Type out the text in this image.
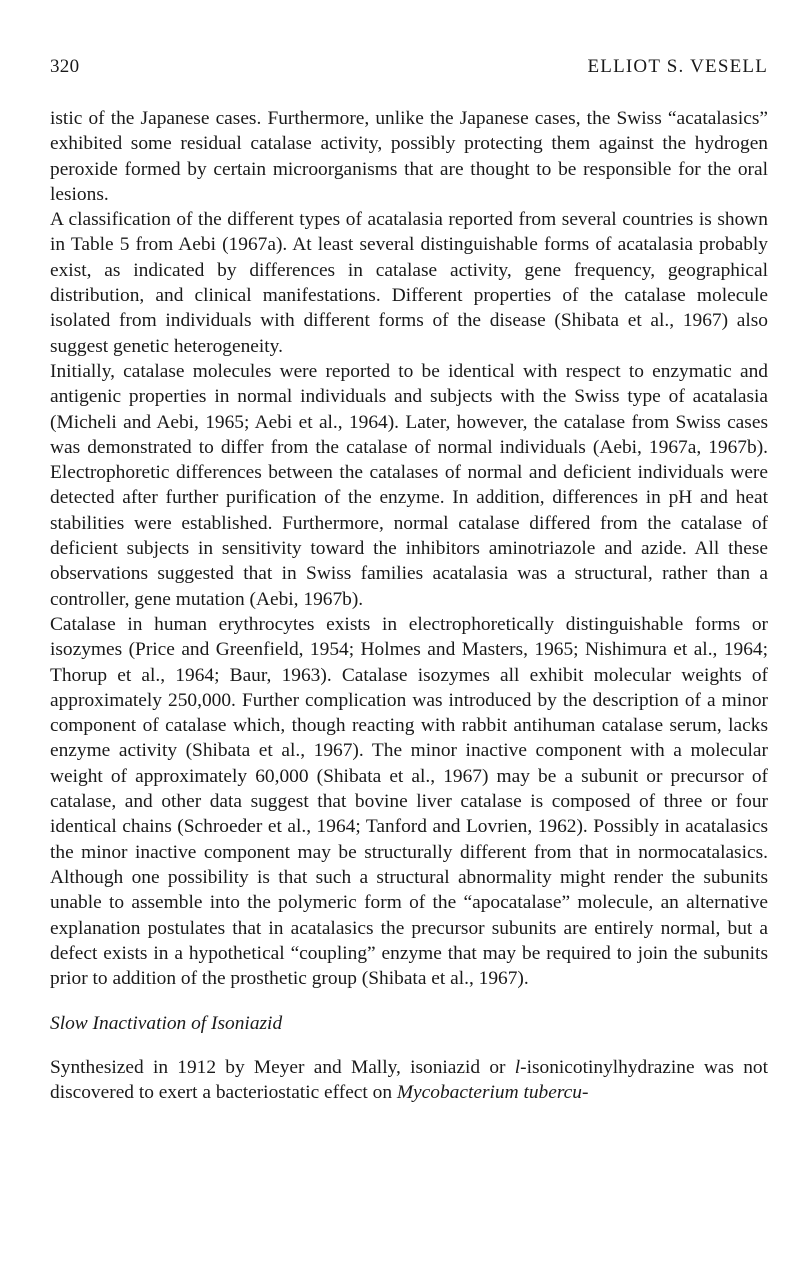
320	ELLIOT S. VESELL

istic of the Japanese cases. Furthermore, unlike the Japanese cases, the Swiss “acatalasics” exhibited some residual catalase activity, possibly protecting them against the hydrogen peroxide formed by certain microorganisms that are thought to be responsible for the oral lesions.

A classification of the different types of acatalasia reported from several countries is shown in Table 5 from Aebi (1967a). At least several distinguishable forms of acatalasia probably exist, as indicated by differences in catalase activity, gene frequency, geographical distribution, and clinical manifestations. Different properties of the catalase molecule isolated from individuals with different forms of the disease (Shibata et al., 1967) also suggest genetic heterogeneity.

Initially, catalase molecules were reported to be identical with respect to enzymatic and antigenic properties in normal individuals and subjects with the Swiss type of acatalasia (Micheli and Aebi, 1965; Aebi et al., 1964). Later, however, the catalase from Swiss cases was demonstrated to differ from the catalase of normal individuals (Aebi, 1967a, 1967b). Electrophoretic differences between the catalases of normal and deficient individuals were detected after further purification of the enzyme. In addition, differences in pH and heat stabilities were established. Furthermore, normal catalase differed from the catalase of deficient subjects in sensitivity toward the inhibitors aminotriazole and azide. All these observations suggested that in Swiss families acatalasia was a structural, rather than a controller, gene mutation (Aebi, 1967b).

Catalase in human erythrocytes exists in electrophoretically distinguishable forms or isozymes (Price and Greenfield, 1954; Holmes and Masters, 1965; Nishimura et al., 1964; Thorup et al., 1964; Baur, 1963). Catalase isozymes all exhibit molecular weights of approximately 250,000. Further complication was introduced by the description of a minor component of catalase which, though reacting with rabbit antihuman catalase serum, lacks enzyme activity (Shibata et al., 1967). The minor inactive component with a molecular weight of approximately 60,000 (Shibata et al., 1967) may be a subunit or precursor of catalase, and other data suggest that bovine liver catalase is composed of three or four identical chains (Schroeder et al., 1964; Tanford and Lovrien, 1962). Possibly in acatalasics the minor inactive component may be structurally different from that in normocatalasics. Although one possibility is that such a structural abnormality might render the subunits unable to assemble into the polymeric form of the “apocatalase” molecule, an alternative explanation postulates that in acatalasics the precursor subunits are entirely normal, but a defect exists in a hypothetical “coupling” enzyme that may be required to join the subunits prior to addition of the prosthetic group (Shibata et al., 1967).

Slow Inactivation of Isoniazid

Synthesized in 1912 by Meyer and Mally, isoniazid or l-isonicotinylhydrazine was not discovered to exert a bacteriostatic effect on Mycobacterium tubercu-
